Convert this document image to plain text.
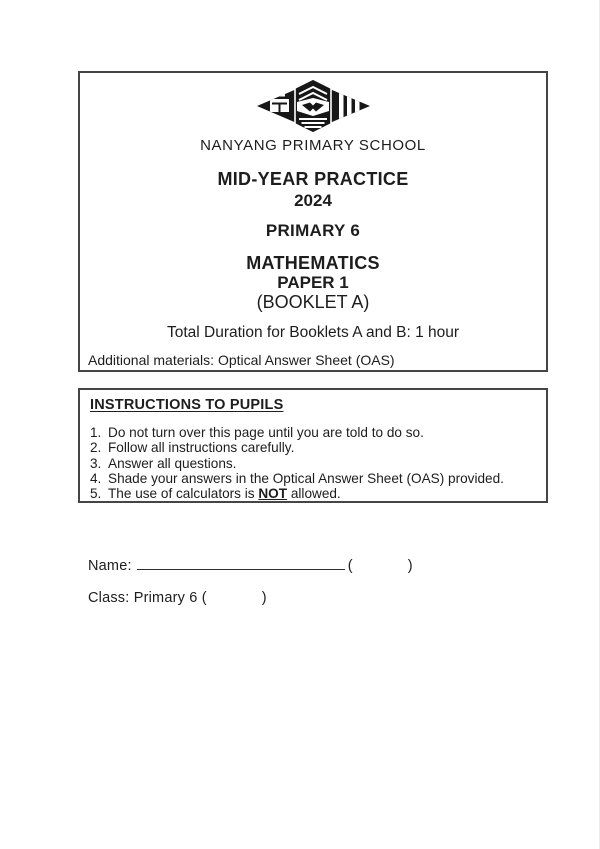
NANYANG PRIMARY SCHOOL
MID-YEAR PRACTICE
2024
PRIMARY 6
MATHEMATICS
PAPER 1
(BOOKLET A)
Total Duration for Booklets A and B: 1 hour
Additional materials: Optical Answer Sheet (OAS)
INSTRUCTIONS TO PUPILS
1. Do not turn over this page until you are told to do so.
2. Follow all instructions carefully.
3. Answer all questions.
4. Shade your answers in the Optical Answer Sheet (OAS) provided.
5. The use of calculators is NOT allowed.
Name:	(             )
Class: Primary 6 (             )
